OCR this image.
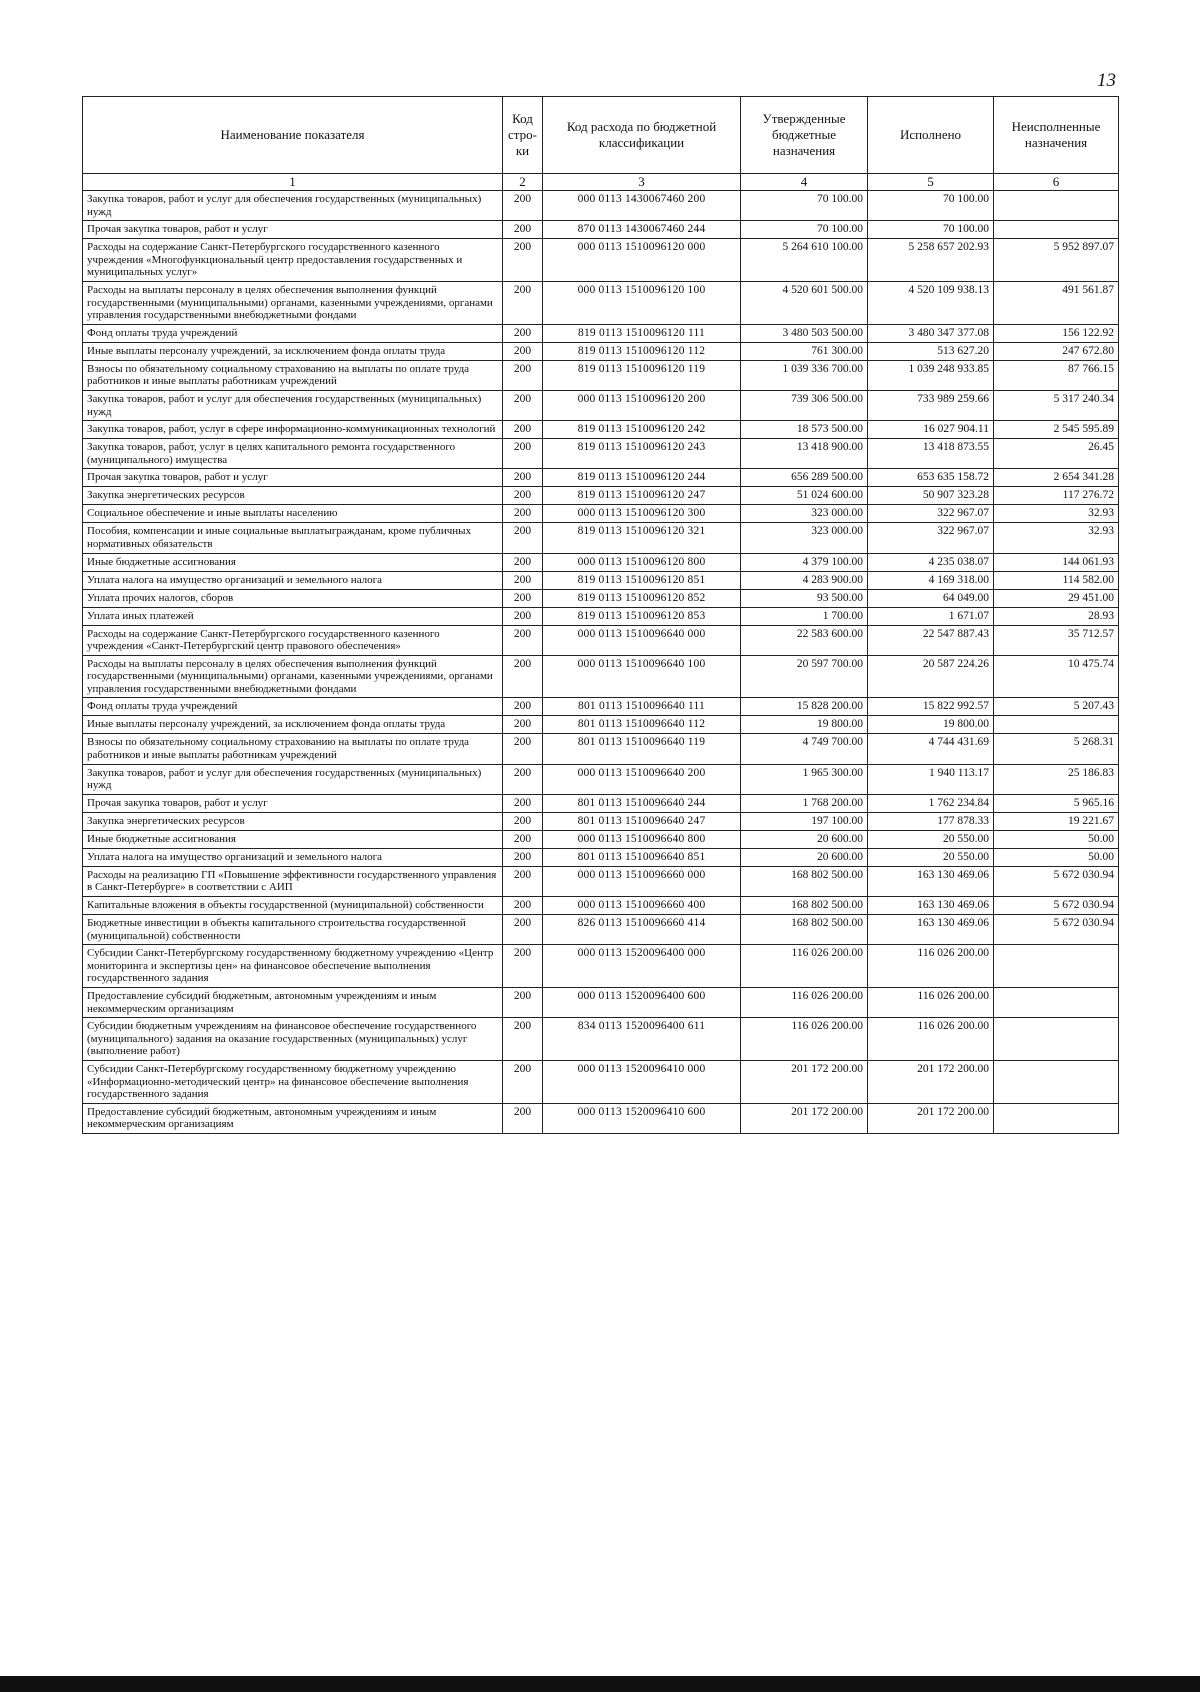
13
Наименование показателя	Код стро-ки	Код расхода по бюджетной классификации	Утвержденные бюджетные назначения	Исполнено	Неисполненные назначения
1	2	3	4	5	6
Закупка товаров, работ и услуг для обеспечения государственных (муниципальных) нужд	200	000 0113 1430067460 200	70 100.00	70 100.00	
Прочая закупка товаров, работ и услуг	200	870 0113 1430067460 244	70 100.00	70 100.00	
Расходы на содержание Санкт-Петербургского государственного казенного учреждения «Многофункциональный центр предоставления государственных и муниципальных услуг»	200	000 0113 1510096120 000	5 264 610 100.00	5 258 657 202.93	5 952 897.07
Расходы на выплаты персоналу в целях обеспечения выполнения функций государственными (муниципальными) органами, казенными учреждениями, органами управления государственными внебюджетными фондами	200	000 0113 1510096120 100	4 520 601 500.00	4 520 109 938.13	491 561.87
Фонд оплаты труда учреждений	200	819 0113 1510096120 111	3 480 503 500.00	3 480 347 377.08	156 122.92
Иные выплаты персоналу учреждений, за исключением фонда оплаты труда	200	819 0113 1510096120 112	761 300.00	513 627.20	247 672.80
Взносы по обязательному социальному страхованию на выплаты по оплате труда работников и иные выплаты работникам учреждений	200	819 0113 1510096120 119	1 039 336 700.00	1 039 248 933.85	87 766.15
Закупка товаров, работ и услуг для обеспечения государственных (муниципальных) нужд	200	000 0113 1510096120 200	739 306 500.00	733 989 259.66	5 317 240.34
Закупка товаров, работ, услуг в сфере информационно-коммуникационных технологий	200	819 0113 1510096120 242	18 573 500.00	16 027 904.11	2 545 595.89
Закупка товаров, работ, услуг в целях капитального ремонта государственного (муниципального) имущества	200	819 0113 1510096120 243	13 418 900.00	13 418 873.55	26.45
Прочая закупка товаров, работ и услуг	200	819 0113 1510096120 244	656 289 500.00	653 635 158.72	2 654 341.28
Закупка энергетических ресурсов	200	819 0113 1510096120 247	51 024 600.00	50 907 323.28	117 276.72
Социальное обеспечение и иные выплаты населению	200	000 0113 1510096120 300	323 000.00	322 967.07	32.93
Пособия, компенсации и иные социальные выплатыгражданам, кроме публичных нормативных обязательств	200	819 0113 1510096120 321	323 000.00	322 967.07	32.93
Иные бюджетные ассигнования	200	000 0113 1510096120 800	4 379 100.00	4 235 038.07	144 061.93
Уплата налога на имущество организаций и земельного налога	200	819 0113 1510096120 851	4 283 900.00	4 169 318.00	114 582.00
Уплата прочих налогов, сборов	200	819 0113 1510096120 852	93 500.00	64 049.00	29 451.00
Уплата иных платежей	200	819 0113 1510096120 853	1 700.00	1 671.07	28.93
Расходы на содержание Санкт-Петербургского государственного казенного учреждения «Санкт-Петербургский центр правового обеспечения»	200	000 0113 1510096640 000	22 583 600.00	22 547 887.43	35 712.57
Расходы на выплаты персоналу в целях обеспечения выполнения функций государственными (муниципальными) органами, казенными учреждениями, органами управления государственными внебюджетными фондами	200	000 0113 1510096640 100	20 597 700.00	20 587 224.26	10 475.74
Фонд оплаты труда учреждений	200	801 0113 1510096640 111	15 828 200.00	15 822 992.57	5 207.43
Иные выплаты персоналу учреждений, за исключением фонда оплаты труда	200	801 0113 1510096640 112	19 800.00	19 800.00	
Взносы по обязательному социальному страхованию на выплаты по оплате труда работников и иные выплаты работникам учреждений	200	801 0113 1510096640 119	4 749 700.00	4 744 431.69	5 268.31
Закупка товаров, работ и услуг для обеспечения государственных (муниципальных) нужд	200	000 0113 1510096640 200	1 965 300.00	1 940 113.17	25 186.83
Прочая закупка товаров, работ и услуг	200	801 0113 1510096640 244	1 768 200.00	1 762 234.84	5 965.16
Закупка энергетических ресурсов	200	801 0113 1510096640 247	197 100.00	177 878.33	19 221.67
Иные бюджетные ассигнования	200	000 0113 1510096640 800	20 600.00	20 550.00	50.00
Уплата налога на имущество организаций и земельного налога	200	801 0113 1510096640 851	20 600.00	20 550.00	50.00
Расходы на реализацию ГП «Повышение эффективности государственного управления в Санкт-Петербурге» в соответствии с АИП	200	000 0113 1510096660 000	168 802 500.00	163 130 469.06	5 672 030.94
Капитальные вложения в объекты государственной (муниципальной) собственности	200	000 0113 1510096660 400	168 802 500.00	163 130 469.06	5 672 030.94
Бюджетные инвестиции в объекты капитального строительства государственной (муниципальной) собственности	200	826 0113 1510096660 414	168 802 500.00	163 130 469.06	5 672 030.94
Субсидии Санкт-Петербургскому государственному бюджетному учреждению «Центр мониторинга и экспертизы цен» на финансовое обеспечение выполнения государственного задания	200	000 0113 1520096400 000	116 026 200.00	116 026 200.00	
Предоставление субсидий бюджетным, автономным учреждениям и иным некоммерческим организациям	200	000 0113 1520096400 600	116 026 200.00	116 026 200.00	
Субсидии бюджетным учреждениям на финансовое обеспечение государственного (муниципального) задания на оказание государственных (муниципальных) услуг (выполнение работ)	200	834 0113 1520096400 611	116 026 200.00	116 026 200.00	
Субсидии Санкт-Петербургскому государственному бюджетному учреждению «Информационно-методический центр» на финансовое обеспечение выполнения государственного задания	200	000 0113 1520096410 000	201 172 200.00	201 172 200.00	
Предоставление субсидий бюджетным, автономным учреждениям и иным некоммерческим организациям	200	000 0113 1520096410 600	201 172 200.00	201 172 200.00	
